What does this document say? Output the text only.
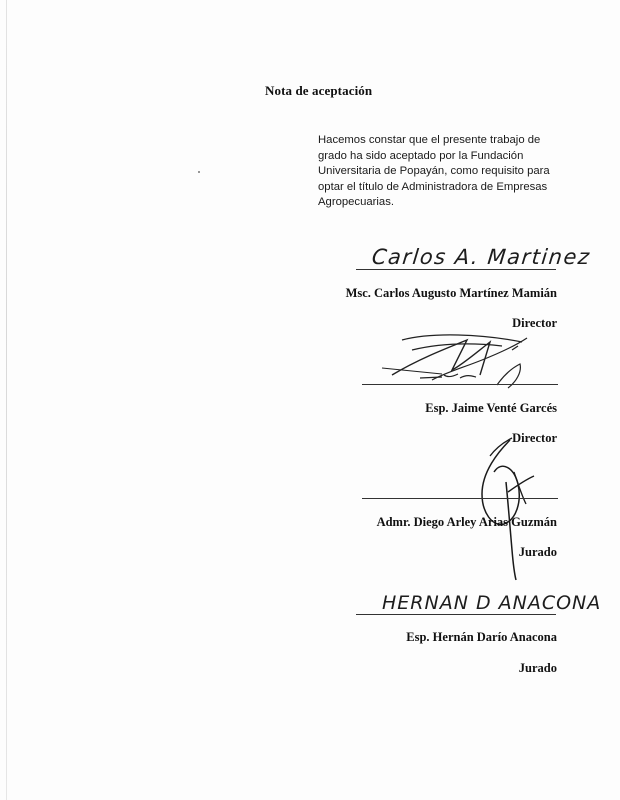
Nota de aceptación
Hacemos constar que el presente trabajo de
grado ha sido aceptado por la Fundación
Universitaria de Popayán, como requisito para
optar el título de Administradora de Empresas
Agropecuarias.
Carlos A. Martinez
Msc. Carlos Augusto Martínez Mamián
Director
Esp. Jaime Venté Garcés
Director
Admr. Diego Arley Arias Guzmán
Jurado
HERNAN D ANACONA
Esp. Hernán Darío Anacona
Jurado
